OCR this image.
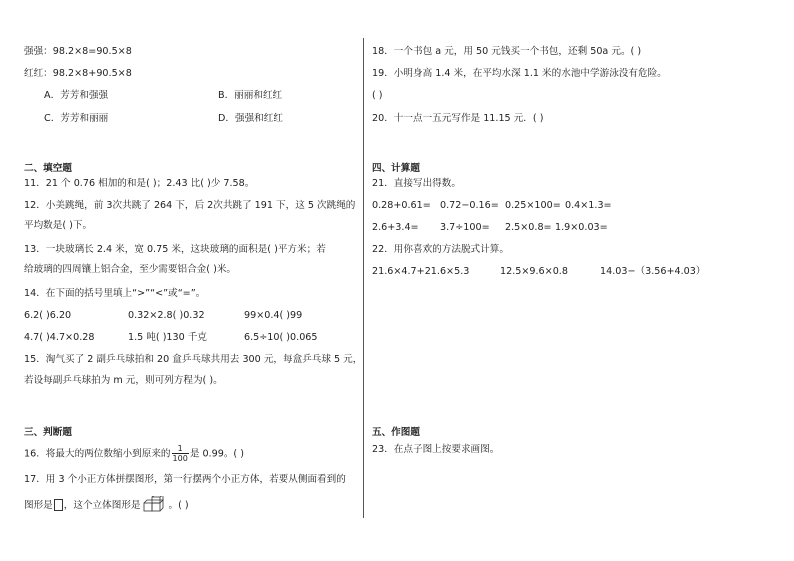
强强：98.2×8=90.5×8
红红：98.2×8+90.5×8
A．芳芳和强强	B．丽丽和红红
C．芳芳和丽丽	D．强强和红红
二、填空题
11．21 个 0.76 相加的和是( )；2.43 比( )少 7.58。
12．小美跳绳，前 3次共跳了 264 下，后 2次共跳了 191 下，这 5 次跳绳的
平均数是( )下。
13．一块玻璃长 2.4 米，宽 0.75 米，这块玻璃的面积是( )平方米；若
给玻璃的四周镶上铝合金，至少需要铝合金( )米。
14．在下面的括号里填上“>”“<”或“=”。
6.2( )6.20	0.32×2.8( )0.32	99×0.4( )99
4.7( )4.7×0.28	1.5 吨( )130 千克	6.5÷10( )0.065
15．淘气买了 2 副乒乓球拍和 20 盒乒乓球共用去 300 元，每盒乒乓球 5 元，
若设每副乒乓球拍为 m 元，则可列方程为( )。
三、判断题
16．将最大的两位数缩小到原来的 $\frac{1}{100}$ 是 0.99。( )
17．用 3 个小正方体拼摆图形，第一行摆两个小正方体，若要从侧面看到的
图形是 ，这个立体图形是	。( )
18．一个书包 a 元，用 50 元钱买一个书包，还剩 50a 元。( )
19．小明身高 1.4 米，在平均水深 1.1 米的水池中学游泳没有危险。
( )
20．十一点一五元写作是 11.15 元．( )
四、计算题
21．直接写出得数。
0.28+0.61= 0.72−0.16= 0.25×100= 0.4×1.3=
2.6+3.4= 3.7÷100= 2.5×0.8= 1.9×0.03=
22．用你喜欢的方法脱式计算。
21.6×4.7+21.6×5.3	12.5×9.6×0.8	14.03−（3.56+4.03）
五、作图题
23．在点子图上按要求画图。
